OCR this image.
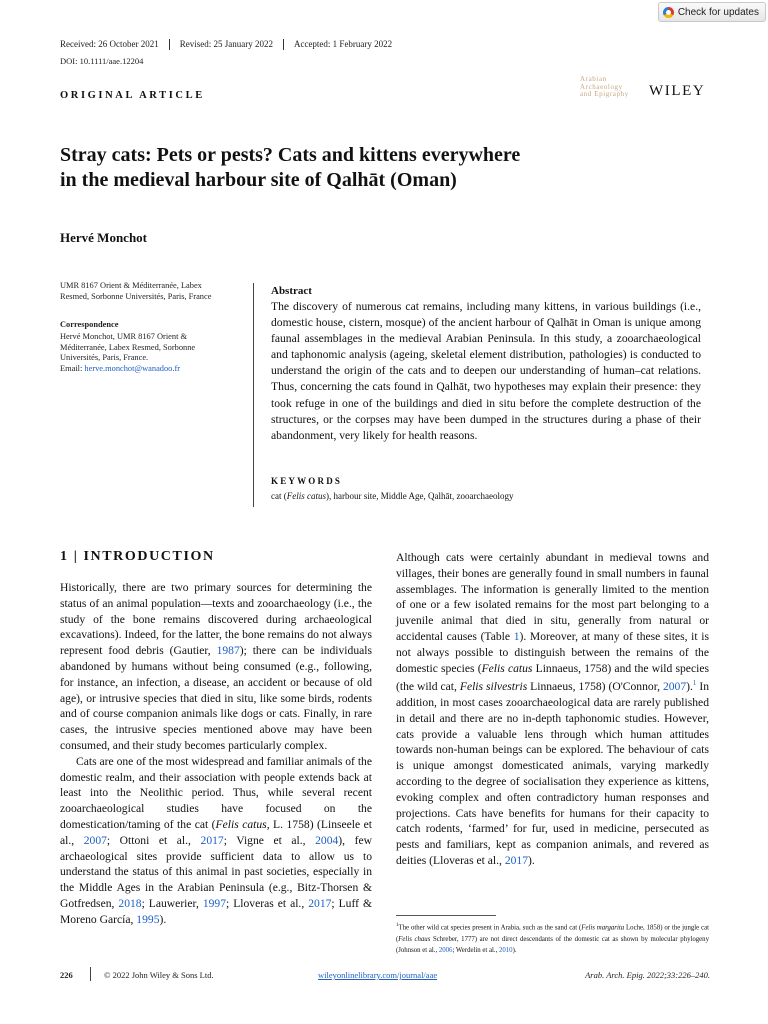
Check for updates
Received: 26 October 2021	Revised: 25 January 2022	Accepted: 1 February 2022
DOI: 10.1111/aae.12204
ORIGINAL ARTICLE
Arabian
Archaeology
and Epigraphy WILEY
Stray cats: Pets or pests? Cats and kittens everywhere
in the medieval harbour site of Qalhāt (Oman)
Hervé Monchot
UMR 8167 Orient & Méditerranée, Labex
Resmed, Sorbonne Universités, Paris, France
Correspondence
Hervé Monchot, UMR 8167 Orient &
Méditerranée, Labex Resmed, Sorbonne
Universités, Paris, France.
Email: herve.monchot@wanadoo.fr
Abstract
The discovery of numerous cat remains, including many kittens, in various buildings (i.e., domestic house, cistern, mosque) of the ancient harbour of Qalhāt in Oman is unique among faunal assemblages in the medieval Arabian Peninsula. In this study, a zooarchaeological and taphonomic analysis (ageing, skeletal element distribution, pathologies) is conducted to understand the origin of the cats and to deepen our understanding of human–cat relations. Thus, concerning the cats found in Qalhāt, two hypotheses may explain their presence: they took refuge in one of the buildings and died in situ before the complete destruction of the structures, or the corpses may have been dumped in the structures during a phase of their abandonment, very likely for health reasons.
KEYWORDS
cat (Felis catus), harbour site, Middle Age, Qalhāt, zooarchaeology
1 | INTRODUCTION

Historically, there are two primary sources for determining the status of an animal population—texts and zooarchaeology (i.e., the study of the bone remains discovered during archaeological excavations). Indeed, for the latter, the bone remains do not always represent food debris (Gautier, 1987); there can be individuals abandoned by humans without being consumed (e.g., following, for instance, an infection, a disease, an accident or because of old age), or intrusive species that died in situ, like some birds, rodents and of course companion animals like dogs or cats. Finally, in rare cases, the intrusive species mentioned above may have been consumed, and their study becomes particularly complex.

Cats are one of the most widespread and familiar animals of the domestic realm, and their association with people extends back at least into the Neolithic period. Thus, while several recent zooarchaeological studies have focused on the domestication/taming of the cat (Felis catus, L. 1758) (Linseele et al., 2007; Ottoni et al., 2017; Vigne et al., 2004), few archaeological sites provide sufficient data to allow us to understand the status of this animal in past societies, especially in the Middle Ages in the Arabian Peninsula (e.g., Bitz‐Thorsen & Gotfredsen, 2018; Lauwerier, 1997; Lloveras et al., 2017; Luff & Moreno García, 1995).

Although cats were certainly abundant in medieval towns and villages, their bones are generally found in small numbers in faunal assemblages. The information is generally limited to the mention of one or a few isolated remains for the most part belonging to a juvenile animal that died in situ, generally from natural or accidental causes (Table 1). Moreover, at many of these sites, it is not always possible to distinguish between the remains of the domestic species (Felis catus Linnaeus, 1758) and the wild species (the wild cat, Felis silvestris Linnaeus, 1758) (O'Connor, 2007).$^1$ In addition, in most cases zooarchaeological data are rarely published in detail and there are no in‐depth taphonomic studies. However, cats provide a valuable lens through which human attitudes towards non‐human beings can be explored. The behaviour of cats is unique amongst domesticated animals, varying markedly according to the degree of socialisation they experience as kittens, evoking complex and often contradictory human responses and projections. Cats have benefits for humans for their capacity to catch rodents, ‘farmed’ for fur, used in medicine, persecuted as pests and familiars, kept as companion animals, and revered as deities (Lloveras et al., 2017).

$^1$The other wild cat species present in Arabia, such as the sand cat (Felis margarita Loche, 1858) or the jungle cat (Felis chaus Schreber, 1777) are not direct descendants of the domestic cat as shown by molecular phylogeny (Johnson et al., 2006; Werdelin et al., 2010).
226	© 2022 John Wiley & Sons Ltd.	wileyonlinelibrary.com/journal/aae	Arab. Arch. Epig. 2022;33:226–240.
